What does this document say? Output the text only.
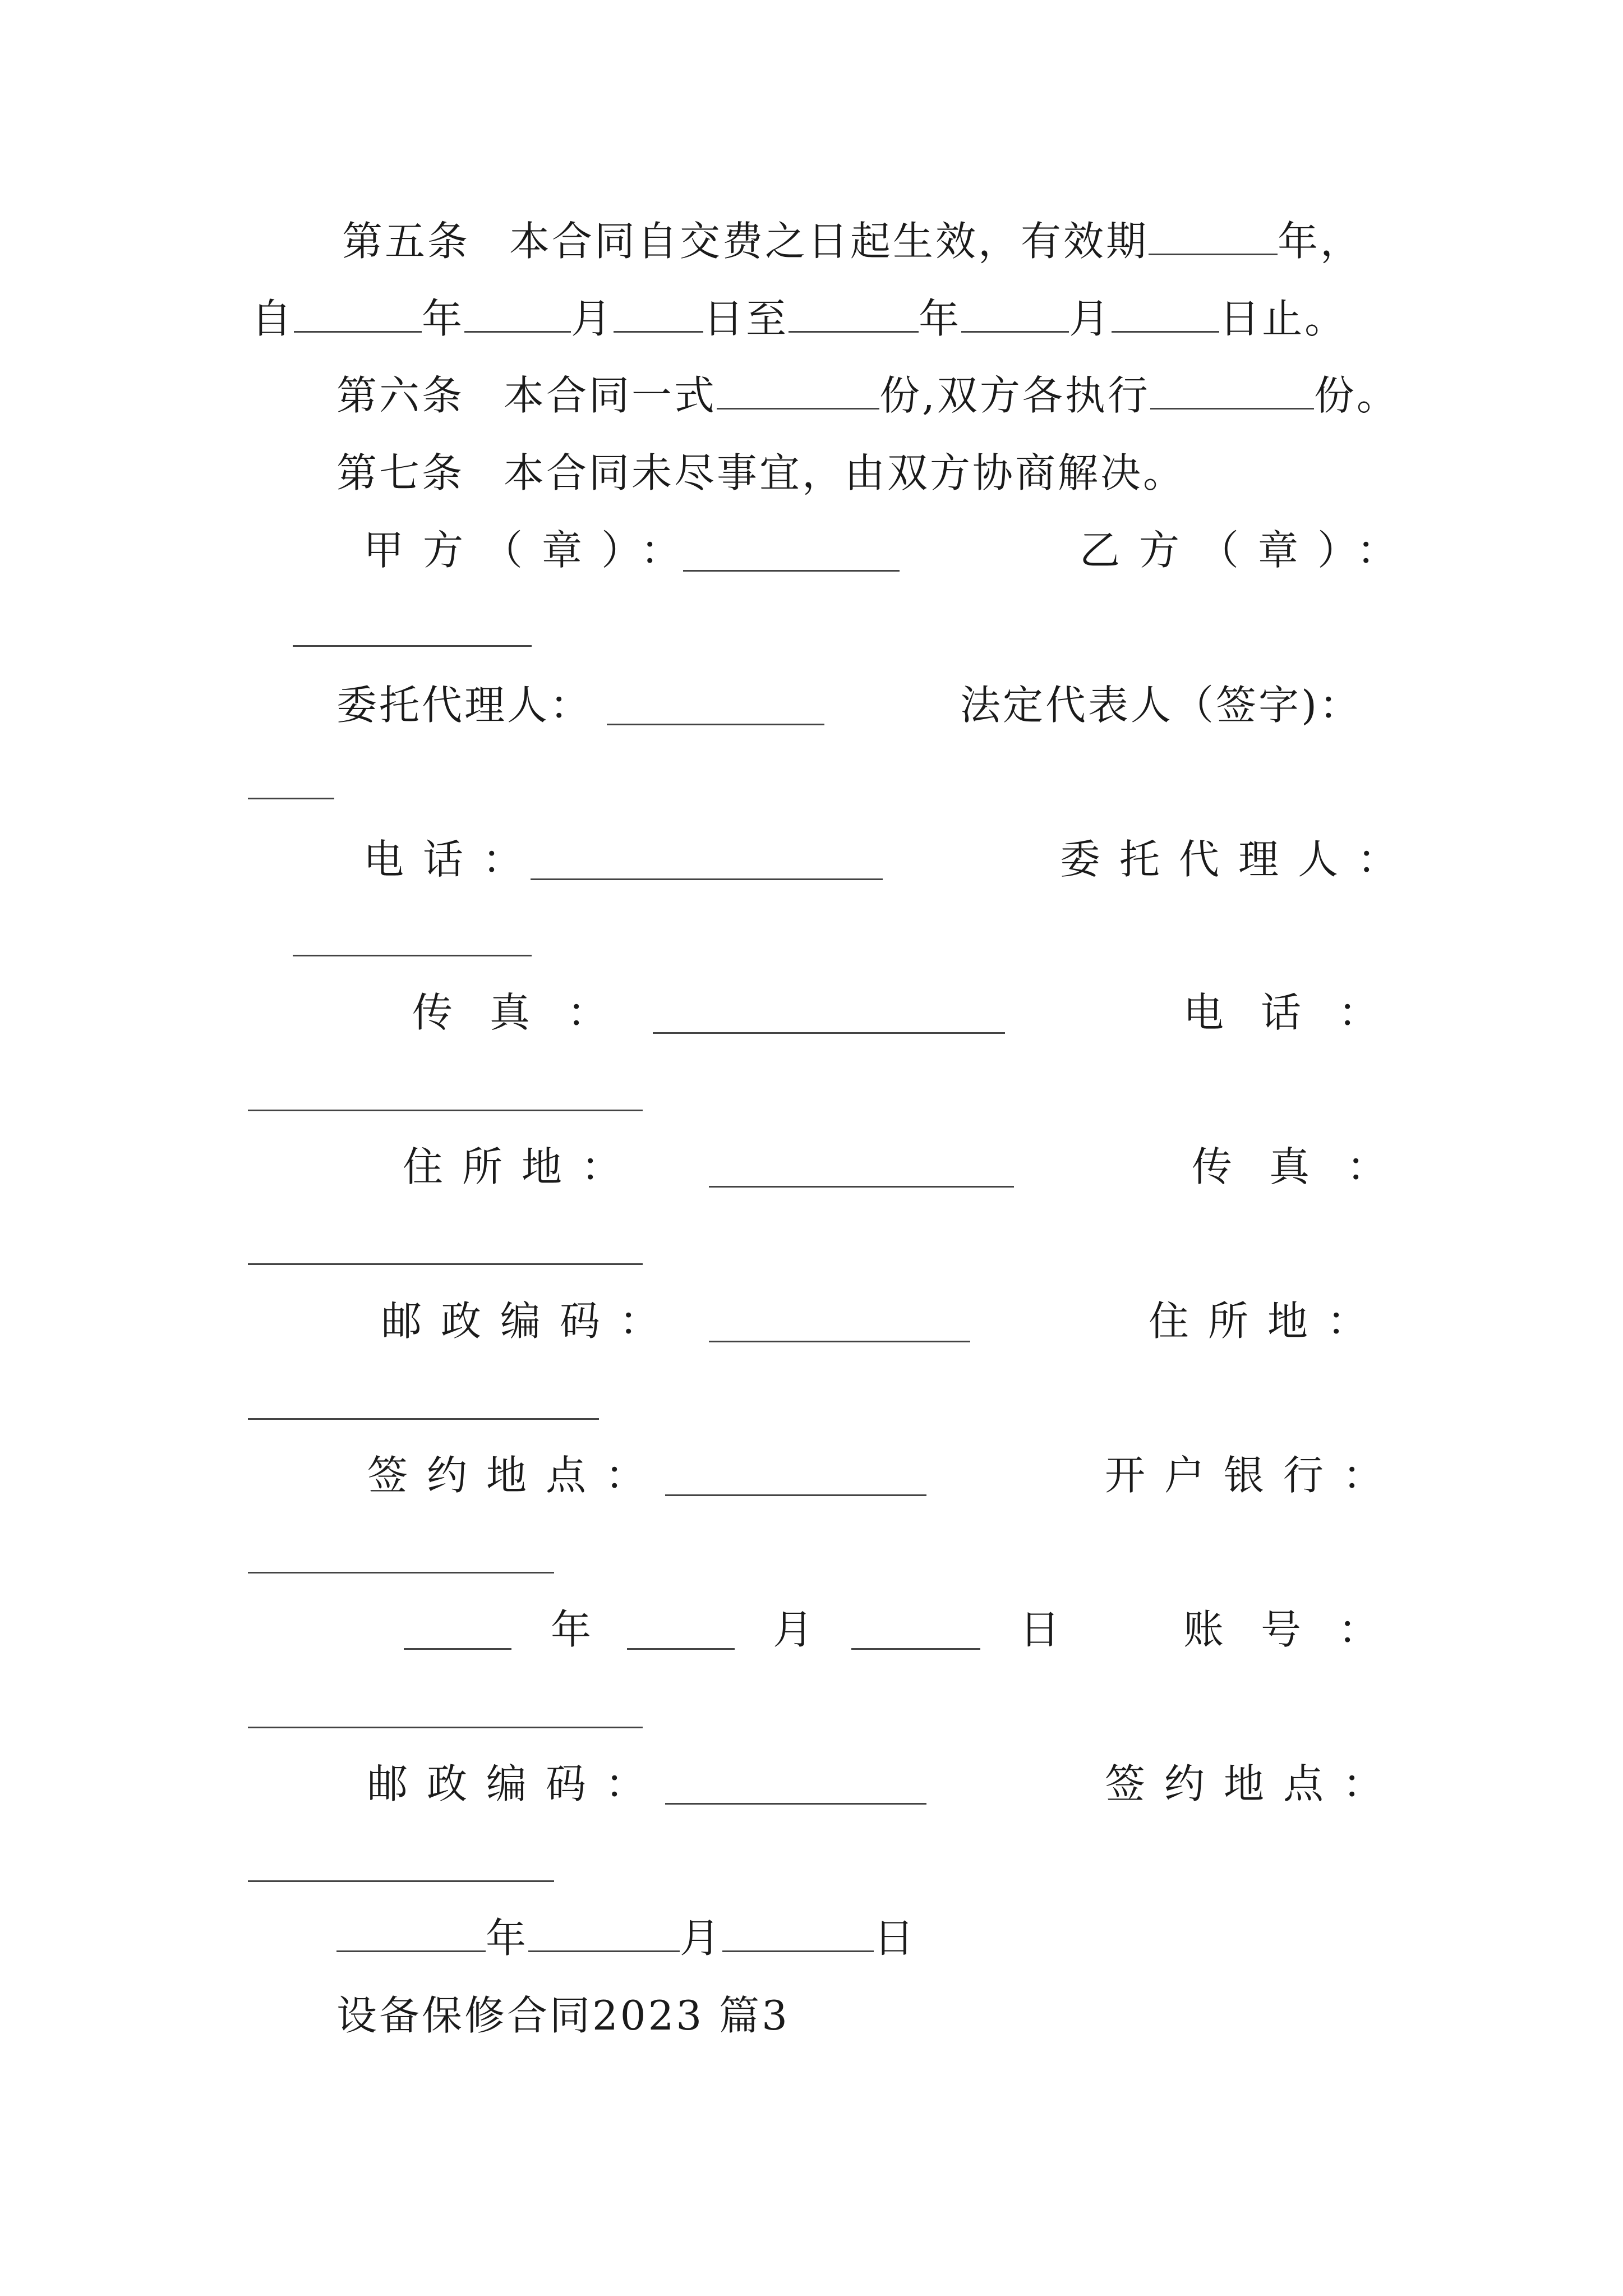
第五条 本合同自交费之日起生效，有效期	年，
自	年	月 日至	年	月	日止。
第六条 本合同一式	份,双方各执行	份。
第七条 本合同未尽事宜，由双方协商解决。
甲方（章）：	乙方（章）：
委托代理人：	法定代表人（签字)：
电话：	委托代理人：
传真：	电话：
住所地：	传真：
邮政编码：	住所地：
签约地点：	开户银行：
年	月	日	账号：
邮政编码：	签约地点：
年	月	日
设备保修合同2023 篇3
